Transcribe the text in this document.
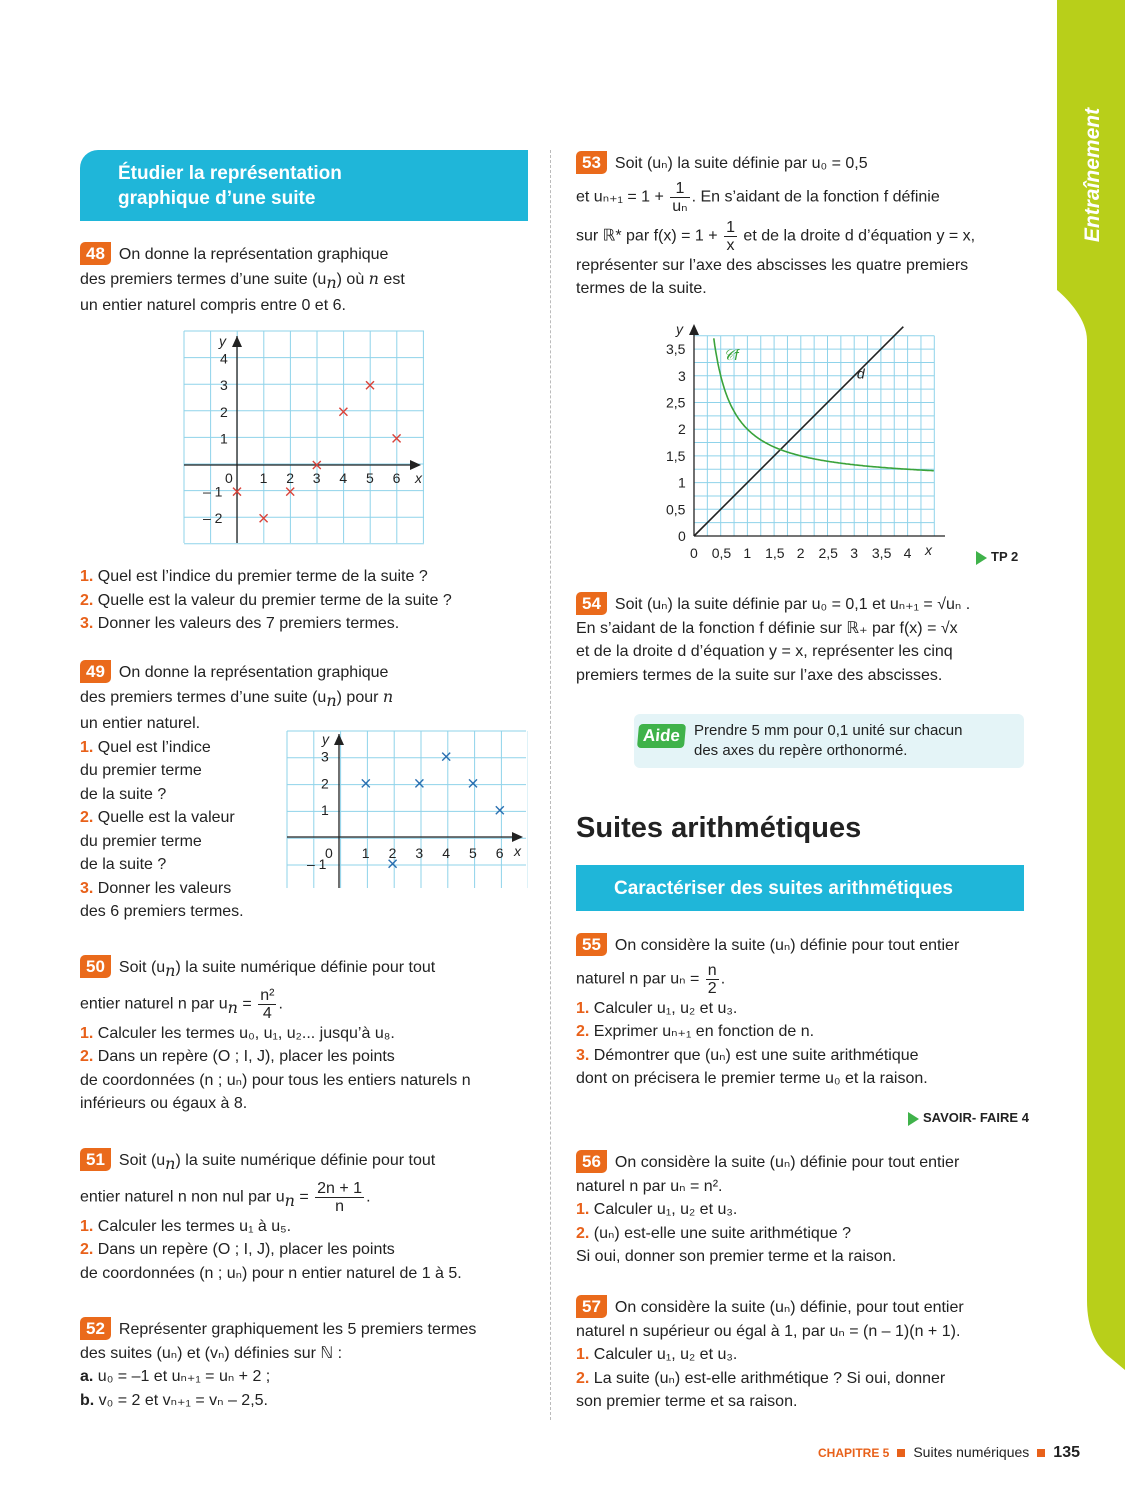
Entraînement
Étudier la représentation
graphique d’une suite
48 On donne la représentation graphique
des premiers termes d’une suite $(u_n)$ où n est
un entier naturel compris entre 0 et 6.
x
y
0 1 2 3 4 5 6
4
3
2
1
– 1
– 2
1. Quel est l’indice du premier terme de la suite ?
2. Quelle est la valeur du premier terme de la suite ?
3. Donner les valeurs des 7 premiers termes.
49 On donne la représentation graphique
des premiers termes d’une suite $(u_n)$ pour n
un entier naturel.
1. Quel est l’indice
du premier terme
de la suite ?
2. Quelle est la valeur
du premier terme
de la suite ?
3. Donner les valeurs
des 6 premiers termes.
x
y
0 1 2 3 4 5 6
3
2
1
– 1
50 Soit $(u_n)$ la suite numérique définie pour tout
entier naturel n par $u_n = \frac{\text{n²}}{4}$ .
1. Calculer les termes u₀, u₁, u₂... jusqu’à u₈.
2. Dans un repère (O ; I, J), placer les points
de coordonnées (n ; uₙ) pour tous les entiers naturels n
inférieurs ou égaux à 8.
51 Soit $(u_n)$ la suite numérique définie pour tout
entier naturel n non nul par $u_n = \frac{2n + 1}{n}$ .
1. Calculer les termes u₁ à u₅.
2. Dans un repère (O ; I, J), placer les points
de coordonnées (n ; uₙ) pour n entier naturel de 1 à 5.
52 Représenter graphiquement les 5 premiers termes
des suites (uₙ) et (vₙ) définies sur ℕ :
a. u₀ = –1 et uₙ₊₁ = uₙ + 2 ;
b. v₀ = 2 et vₙ₊₁ = vₙ – 2,5.
53 Soit (uₙ) la suite définie par u₀ = 0,5
et $u_{n+1} = 1 + \frac{1}{\text{uₙ}}$ . En s’aidant de la fonction f définie
sur ℝ* par $f(x) = 1 + \frac{1}{x}$ et de la droite d d’équation y = x,
représenter sur l’axe des abscisses les quatre premiers
termes de la suite.
x
y
0 0,5 1 1,5 2 2,5 3 3,5 4
3,5
3
2,5
2
1,5
1
0,5
0
𝒞f
d
TP 2
54 Soit (uₙ) la suite définie par u₀ = 0,1 et uₙ₊₁ = √uₙ .
En s’aidant de la fonction f définie sur ℝ₊ par f(x) = √x
et de la droite d d’équation y = x, représenter les cinq
premiers termes de la suite sur l’axe des abscisses.
Aide Prendre 5 mm pour 0,1 unité sur chacun
des axes du repère orthonormé.
Suites arithmétiques
Caractériser des suites arithmétiques
55 On considère la suite (uₙ) définie pour tout entier
naturel n par $u_n = \frac{n}{2}$ .
1. Calculer u₁, u₂ et u₃.
2. Exprimer uₙ₊₁ en fonction de n.
3. Démontrer que (uₙ) est une suite arithmétique
dont on précisera le premier terme u₀ et la raison.
SAVOIR- FAIRE 4
56 On considère la suite (uₙ) définie pour tout entier
naturel n par uₙ = n².
1. Calculer u₁, u₂ et u₃.
2. (uₙ) est-elle une suite arithmétique ?
Si oui, donner son premier terme et la raison.
57 On considère la suite (uₙ) définie, pour tout entier
naturel n supérieur ou égal à 1, par uₙ = (n – 1)(n + 1).
1. Calculer u₁, u₂ et u₃.
2. La suite (uₙ) est-elle arithmétique ? Si oui, donner
son premier terme et sa raison.
CHAPITRE 5 Suites numériques 135
